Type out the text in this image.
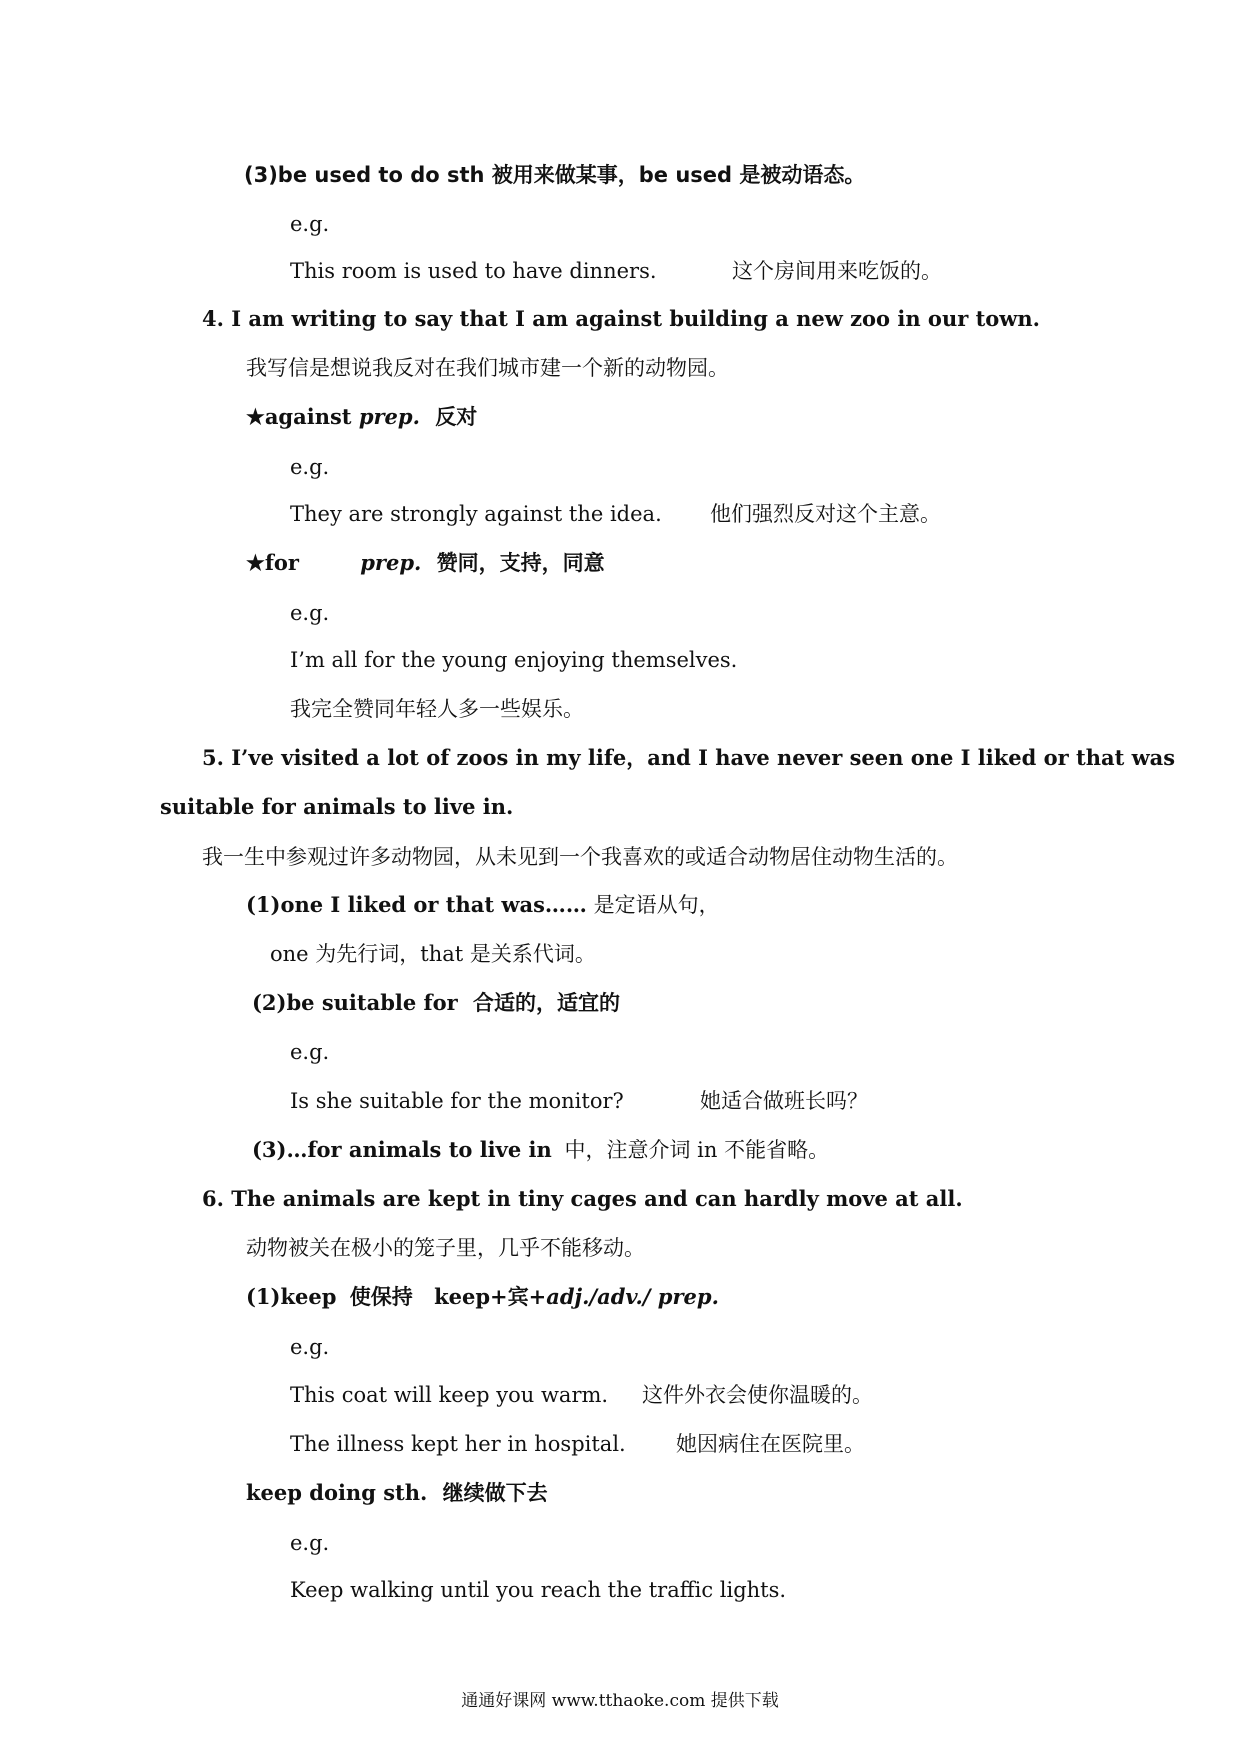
(3)be used to do sth 被用来做某事，be used 是被动语态。
e.g.
This room is used to have dinners.	这个房间用来吃饭的。
4. I am writing to say that I am against building a new zoo in our town.
我写信是想说我反对在我们城市建一个新的动物园。
★against prep. 反对
e.g.
They are strongly against the idea. 他们强烈反对这个主意。
★for	prep. 赞同，支持，同意
e.g.
I’m all for the young enjoying themselves.
我完全赞同年轻人多一些娱乐。
5. I’ve visited a lot of zoos in my life，and I have never seen one I liked or that was
suitable for animals to live in.
我一生中参观过许多动物园，从未见到一个我喜欢的或适合动物居住动物生活的。
(1)one I liked or that was…… 是定语从句，
one 为先行词，that 是关系代词。
(2)be suitable for 合适的，适宜的
e.g.
Is she suitable for the monitor?	她适合做班长吗？
(3)…for animals to live in 中，注意介词 in 不能省略。
6. The animals are kept in tiny cages and can hardly move at all.
动物被关在极小的笼子里，几乎不能移动。
(1)keep 使保持 keep+宾+adj./adv./ prep.
e.g.
This coat will keep you warm. 这件外衣会使你温暖的。
The illness kept her in hospital. 她因病住在医院里。
keep doing sth. 继续做下去
e.g.
Keep walking until you reach the traffic lights.
通通好课网 www.tthaoke.com 提供下载
